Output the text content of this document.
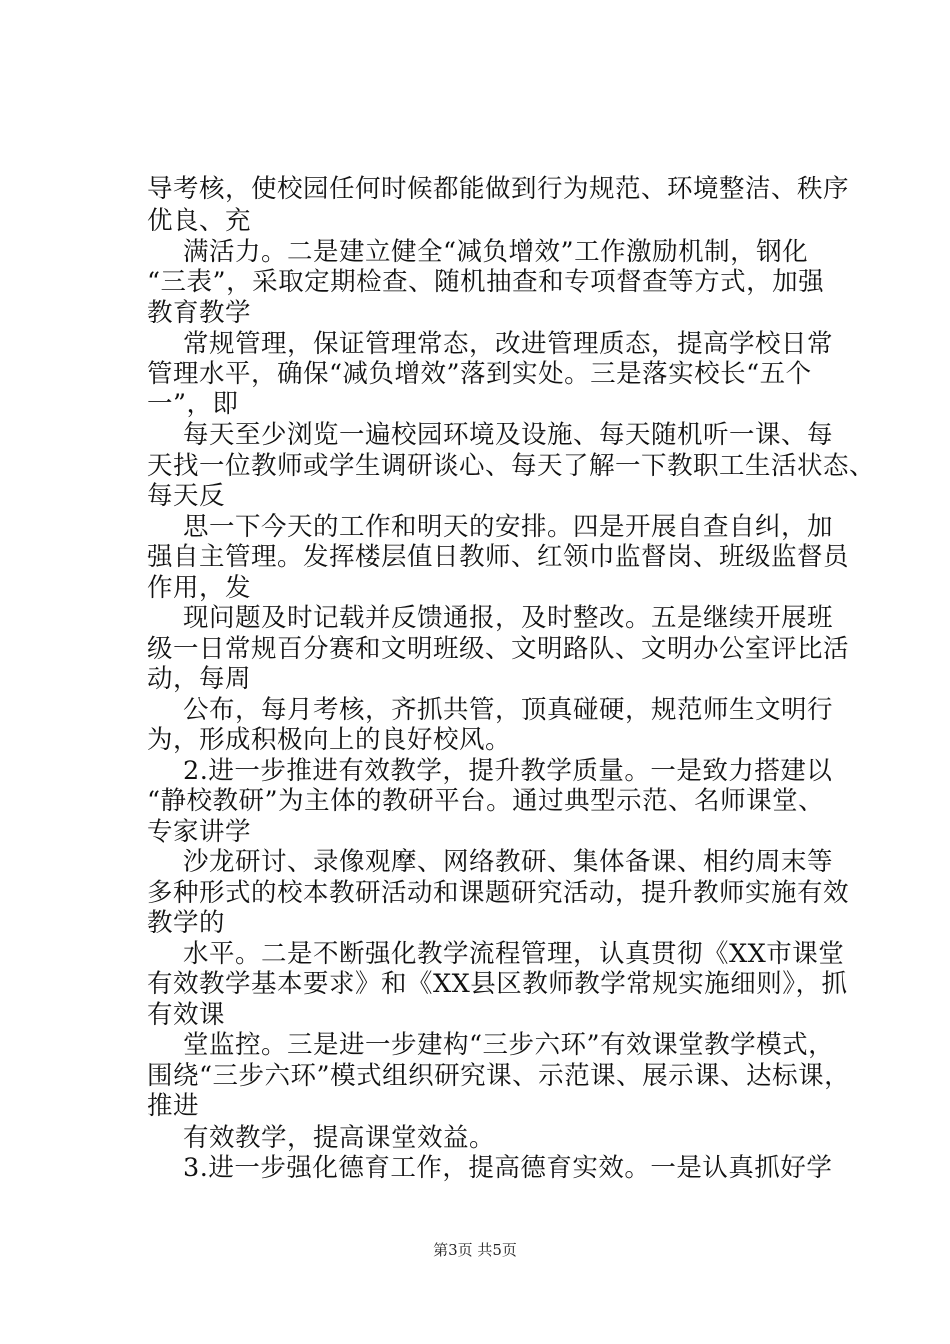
导考核，使校园任何时候都能做到行为规范、环境整洁、秩序
优良、充
满活力。二是建立健全“减负增效”工作激励机制，钢化
“三表”，采取定期检查、随机抽查和专项督查等方式，加强
教育教学
常规管理，保证管理常态，改进管理质态，提高学校日常
管理水平，确保“减负增效”落到实处。三是落实校长“五个
一”，即
每天至少浏览一遍校园环境及设施、每天随机听一课、每
天找一位教师或学生调研谈心、每天了解一下教职工生活状态、
每天反
思一下今天的工作和明天的安排。四是开展自查自纠，加
强自主管理。发挥楼层值日教师、红领巾监督岗、班级监督员
作用，发
现问题及时记载并反馈通报，及时整改。五是继续开展班
级一日常规百分赛和文明班级、文明路队、文明办公室评比活
动，每周
公布，每月考核，齐抓共管，顶真碰硬，规范师生文明行
为，形成积极向上的良好校风。
2.进一步推进有效教学，提升教学质量。一是致力搭建以
“静校教研”为主体的教研平台。通过典型示范、名师课堂、
专家讲学
沙龙研讨、录像观摩、网络教研、集体备课、相约周末等
多种形式的校本教研活动和课题研究活动，提升教师实施有效
教学的
水平。二是不断强化教学流程管理，认真贯彻《XX市课堂
有效教学基本要求》和《XX县区教师教学常规实施细则》，抓
有效课
堂监控。三是进一步建构“三步六环”有效课堂教学模式，
围绕“三步六环”模式组织研究课、示范课、展示课、达标课，
推进
有效教学，提高课堂效益。
3.进一步强化德育工作，提高德育实效。一是认真抓好学
第3页 共5页
